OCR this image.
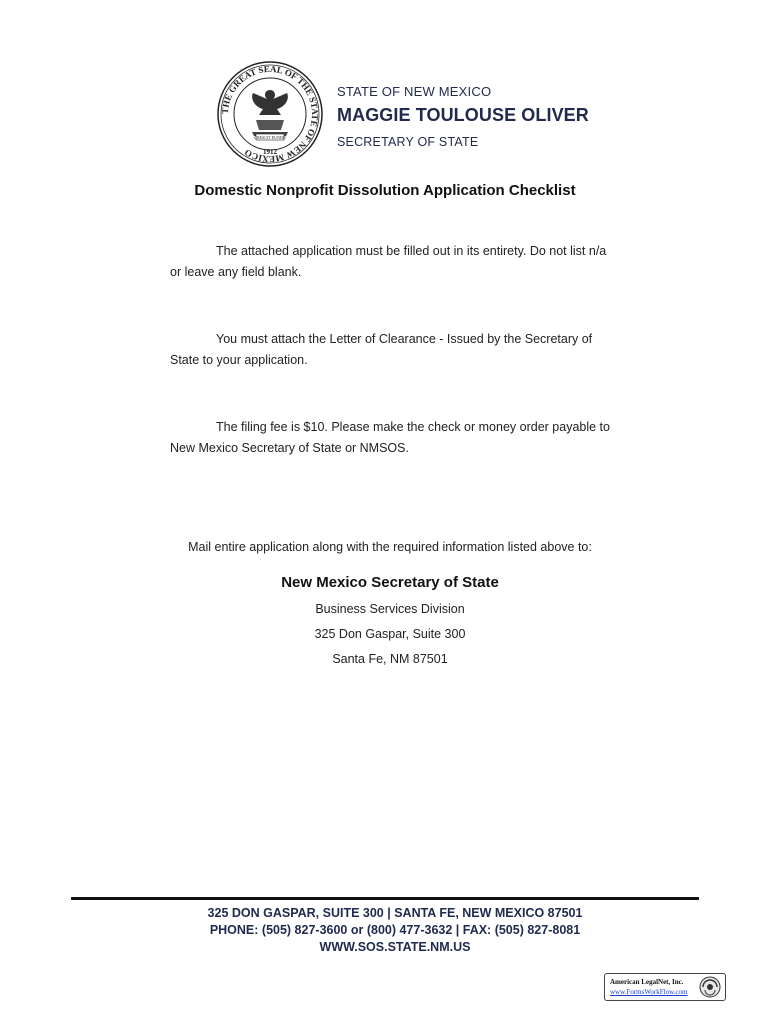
THE GREAT SEAL OF THE STATE OF NEW MEXICO
CRESCIT EUNDO
1912
STATE OF NEW MEXICO
MAGGIE TOULOUSE OLIVER
SECRETARY OF STATE
Domestic Nonprofit Dissolution Application Checklist
The attached application must be filled out in its entirety. Do not list n/a or leave any field blank.
You must attach the Letter of Clearance - Issued by the Secretary of State to your application.
The filing fee is $10. Please make the check or money order payable to New Mexico Secretary of State or NMSOS.
Mail entire application along with the required information listed above to:
New Mexico Secretary of State
Business Services Division
325 Don Gaspar, Suite 300
Santa Fe, NM 87501
325 DON GASPAR, SUITE 300 | SANTA FE, NEW MEXICO 87501
PHONE: (505) 827-3600 or (800) 477-3632 | FAX: (505) 827-8081
WWW.SOS.STATE.NM.US
American LegalNet, Inc.
www.FormsWorkFlow.com
